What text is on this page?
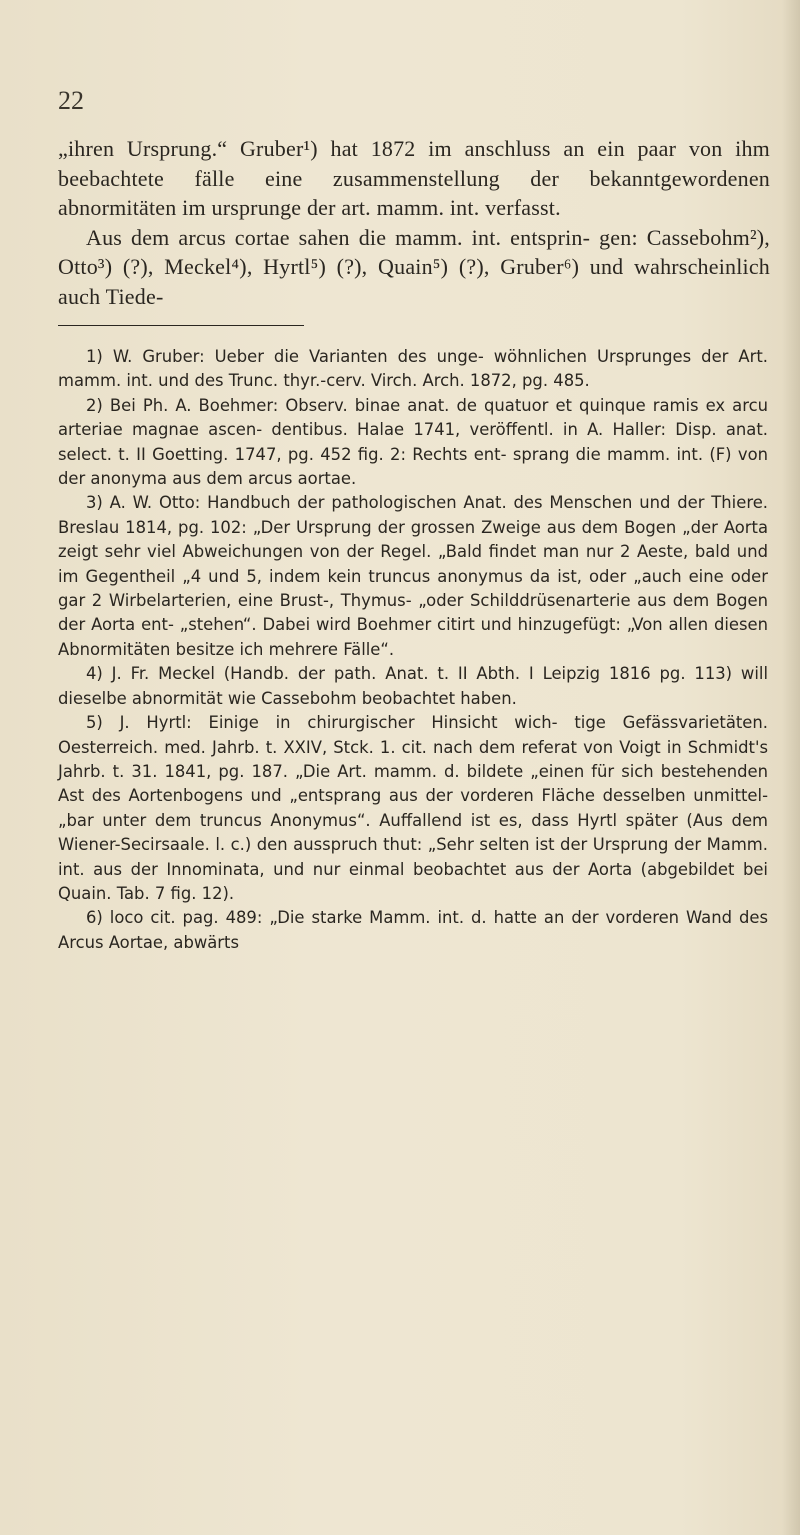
22

„ihren Ursprung.“ Gruber¹) hat 1872 im anschluss an ein paar von ihm beebachtete fälle eine zusammenstellung der bekanntgewordenen abnormitäten im ursprunge der art. mamm. int. verfasst.

Aus dem arcus cortae sahen die mamm. int. entsprin- gen: Cassebohm²), Otto³) (?), Meckel⁴), Hyrtl⁵) (?), Quain⁵) (?), Gruber⁶) und wahrscheinlich auch Tiede-

1) W. Gruber: Ueber die Varianten des unge- wöhnlichen Ursprunges der Art. mamm. int. und des Trunc. thyr.-cerv. Virch. Arch. 1872, pg. 485.

2) Bei Ph. A. Boehmer: Observ. binae anat. de quatuor et quinque ramis ex arcu arteriae magnae ascen- dentibus. Halae 1741, veröffentl. in A. Haller: Disp. anat. select. t. II Goetting. 1747, pg. 452 fig. 2: Rechts ent- sprang die mamm. int. (F) von der anonyma aus dem arcus aortae.

3) A. W. Otto: Handbuch der pathologischen Anat. des Menschen und der Thiere. Breslau 1814, pg. 102: „Der Ursprung der grossen Zweige aus dem Bogen „der Aorta zeigt sehr viel Abweichungen von der Regel. „Bald findet man nur 2 Aeste, bald und im Gegentheil „4 und 5, indem kein truncus anonymus da ist, oder „auch eine oder gar 2 Wirbelarterien, eine Brust-, Thymus- „oder Schilddrüsenarterie aus dem Bogen der Aorta ent- „stehen“. Dabei wird Boehmer citirt und hinzugefügt: „Von allen diesen Abnormitäten besitze ich mehrere Fälle“.

4) J. Fr. Meckel (Handb. der path. Anat. t. II Abth. I Leipzig 1816 pg. 113) will dieselbe abnormität wie Cassebohm beobachtet haben.

5) J. Hyrtl: Einige in chirurgischer Hinsicht wich- tige Gefässvarietäten. Oesterreich. med. Jahrb. t. XXIV, Stck. 1. cit. nach dem referat von Voigt in Schmidt's Jahrb. t. 31. 1841, pg. 187. „Die Art. mamm. d. bildete „einen für sich bestehenden Ast des Aortenbogens und „entsprang aus der vorderen Fläche desselben unmittel- „bar unter dem truncus Anonymus“. Auffallend ist es, dass Hyrtl später (Aus dem Wiener-Secirsaale. l. c.) den ausspruch thut: „Sehr selten ist der Ursprung der Mamm. int. aus der Innominata, und nur einmal beobachtet aus der Aorta (abgebildet bei Quain. Tab. 7 fig. 12).

6) loco cit. pag. 489: „Die starke Mamm. int. d. hatte an der vorderen Wand des Arcus Aortae, abwärts
